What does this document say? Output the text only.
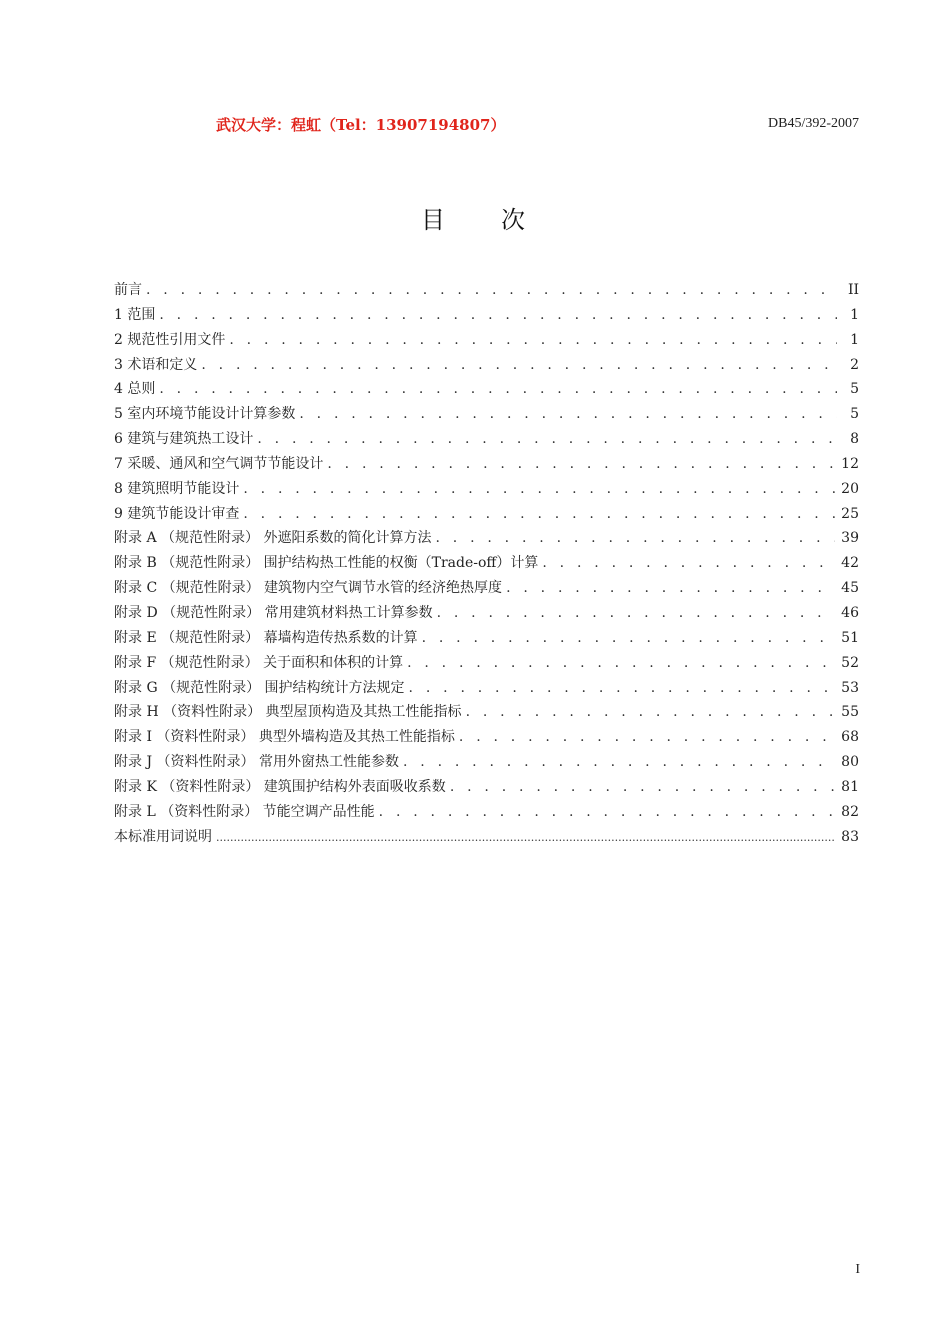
武汉大学：程虹（Tel：13907194807）	DB45/392-2007
目次
前言 . . .	II
1 范围 . . .	1
2 规范性引用文件 . . .	1
3 术语和定义 . . .	2
4 总则 . . .	5
5 室内环境节能设计计算参数 . . .	5
6 建筑与建筑热工设计 . . .	8
7 采暖、通风和空气调节节能设计 . . .	12
8 建筑照明节能设计 . . .	20
9 建筑节能设计审查 . . .	25
附录 A （规范性附录） 外遮阳系数的简化计算方法 . . .	39
附录 B （规范性附录） 围护结构热工性能的权衡（Trade-off）计算 . . .	42
附录 C （规范性附录） 建筑物内空气调节水管的经济绝热厚度 . . .	45
附录 D （规范性附录） 常用建筑材料热工计算参数 . . .	46
附录 E （规范性附录） 幕墙构造传热系数的计算 . . .	51
附录 F （规范性附录） 关于面积和体积的计算 . . .	52
附录 G （规范性附录） 围护结构统计方法规定 . . .	53
附录 H （资料性附录） 典型屋顶构造及其热工性能指标 . . .	55
附录 I （资料性附录） 典型外墙构造及其热工性能指标 . . .	68
附录 J （资料性附录） 常用外窗热工性能参数 . . .	80
附录 K （资料性附录） 建筑围护结构外表面吸收系数 . . .	81
附录 L （资料性附录） 节能空调产品性能 . . .	82
本标准用词说明 .....	83
I
